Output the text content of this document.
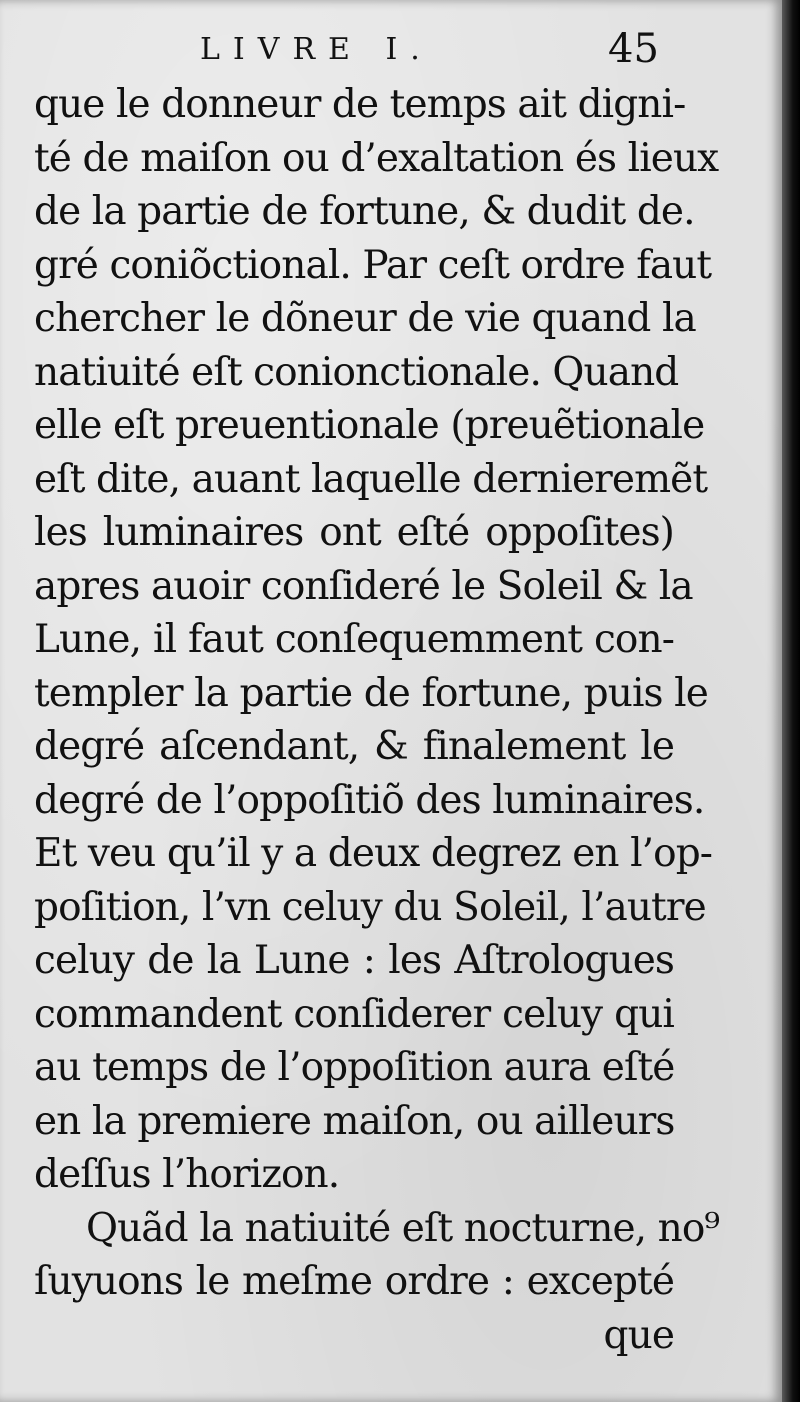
LIVRE I.	45
que le donneur de temps ait digni-
té de maiſon ou d’exaltation és lieux
de la partie de fortune, & dudit de.
gré coniõctional. Par ceſt ordre faut
chercher le dõneur de vie quand la
natiuité eſt conionctionale. Quand
elle eſt preuentionale (preuẽtionale
eſt dite, auant laquelle dernieremẽt
les luminaires ont eſté oppoſites)
apres auoir conſideré le Soleil & la
Lune, il faut conſequemment con-
templer la partie de fortune, puis le
degré aſcendant, & finalement le
degré de l’oppoſitiõ des luminaires.
Et veu qu’il y a deux degrez en l’op-
poſition, l’vn celuy du Soleil, l’autre
celuy de la Lune : les Aſtrologues
commandent conſiderer celuy qui
au temps de l’oppoſition aura eſté
en la premiere maiſon, ou ailleurs
deſſus l’horizon.
Quãd la natiuité eſt nocturne, no⁹
ſuyuons le meſme ordre : excepté
que
